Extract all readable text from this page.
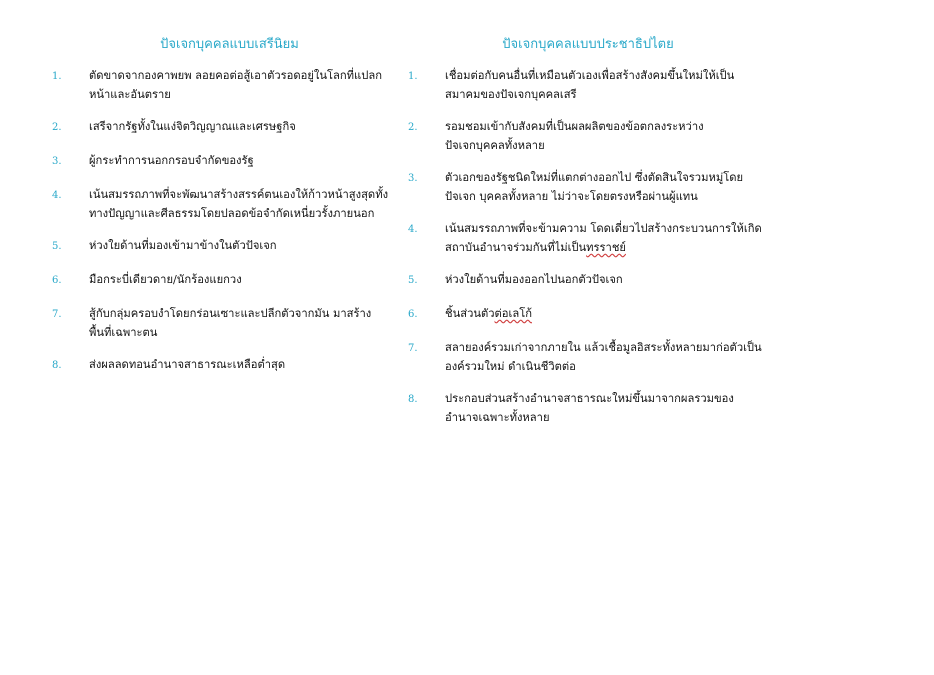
ปัจเจกบุคคลแบบเสรีนิยม
1.	ตัดขาดจากองคาพยพ ลอยคอต่อสู้เอาตัวรอดอยู่ในโลกที่แปลกหน้าและอันตราย
2.	เสรีจากรัฐทั้งในแง่จิตวิญญาณและเศรษฐกิจ
3.	ผู้กระทำการนอกกรอบจำกัดของรัฐ
4.	เน้นสมรรถภาพที่จะพัฒนาสร้างสรรค์ตนเองให้ก้าวหน้าสูงสุดทั้งทางปัญญาและศีลธรรมโดยปลอดข้อจำกัดเหนี่ยวรั้งภายนอก
5.	ห่วงใยด้านที่มองเข้ามาข้างในตัวปัจเจก
6.	มือกระบี่เดียวดาย/นักร้องแยกวง
7.	สู้กับกลุ่มครอบงำโดยกร่อนเซาะและปลีกตัวจากมัน มาสร้างพื้นที่เฉพาะตน
8.	ส่งผลลดทอนอำนาจสาธารณะเหลือต่ำสุด
ปัจเจกบุคคลแบบประชาธิปไตย
1.	เชื่อมต่อกับคนอื่นที่เหมือนตัวเองเพื่อสร้างสังคมขึ้นใหม่ให้เป็นสมาคมของปัจเจกบุคคลเสรี
2.	รอมชอมเข้ากับสังคมที่เป็นผลผลิตของข้อตกลงระหว่างปัจเจกบุคคลทั้งหลาย
3.	ตัวเอกของรัฐชนิดใหม่ที่แตกต่างออกไป ซึ่งตัดสินใจรวมหมู่โดยปัจเจก บุคคลทั้งหลาย ไม่ว่าจะโดยตรงหรือผ่านผู้แทน
4.	เน้นสมรรถภาพที่จะข้ามความ โดดเดี่ยวไปสร้างกระบวนการให้เกิดสถาบันอำนาจร่วมกันที่ไม่เป็นทรราชย์
5.	ห่วงใยด้านที่มองออกไปนอกตัวปัจเจก
6.	ชิ้นส่วนตัวต่อเลโก้
7.	สลายองค์รวมเก่าจากภายใน แล้วเชื้อมูลอิสระทั้งหลายมาก่อตัวเป็นองค์รวมใหม่ ดำเนินชีวิตต่อ
8.	ประกอบส่วนสร้างอำนาจสาธารณะใหม่ขึ้นมาจากผลรวมของอำนาจเฉพาะทั้งหลาย
